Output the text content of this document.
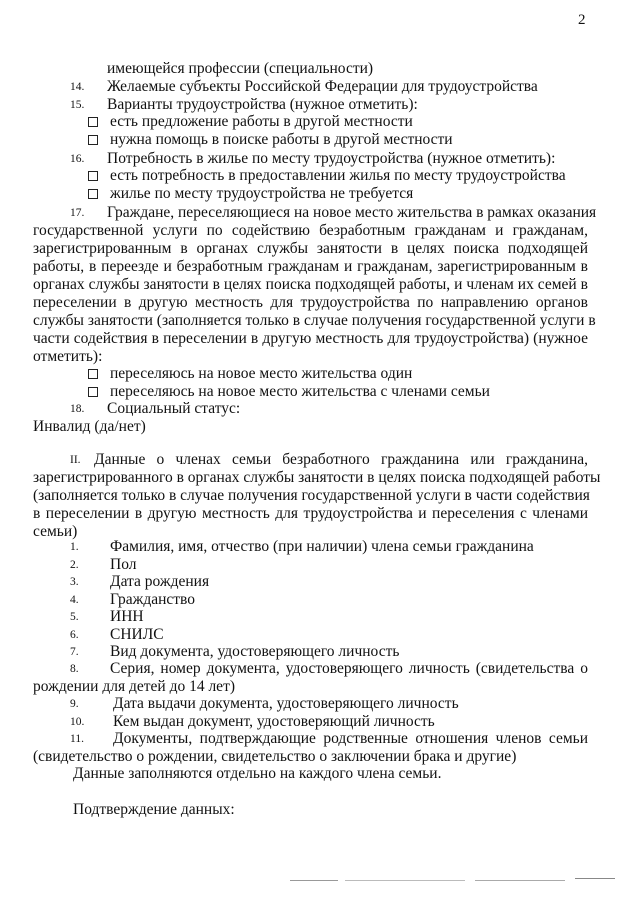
2
имеющейся профессии (специальности)
14. Желаемые субъекты Российской Федерации для трудоустройства
15. Варианты трудоустройства (нужное отметить):
есть предложение работы в другой местности
нужна помощь в поиске работы в другой местности
16. Потребность в жилье по месту трудоустройства (нужное отметить):
есть потребность в предоставлении жилья по месту трудоустройства
жилье по месту трудоустройства не требуется
17. Граждане, переселяющиеся на новое место жительства в рамках оказания
государственной услуги по содействию безработным гражданам и гражданам,
зарегистрированным в органах службы занятости в целях поиска подходящей
работы, в переезде и безработным гражданам и гражданам, зарегистрированным в
органах службы занятости в целях поиска подходящей работы, и членам их семей в
переселении в другую местность для трудоустройства по направлению органов
службы занятости (заполняется только в случае получения государственной услуги в
части содействия в переселении в другую местность для трудоустройства) (нужное
отметить):
переселяюсь на новое место жительства один
переселяюсь на новое место жительства с членами семьи
18. Социальный статус:
Инвалид (да/нет)
II. Данные о членах семьи безработного гражданина или гражданина,
зарегистрированного в органах службы занятости в целях поиска подходящей работы
(заполняется только в случае получения государственной услуги в части содействия
в переселении в другую местность для трудоустройства и переселения с членами
семьи)
1. Фамилия, имя, отчество (при наличии) члена семьи гражданина
2. Пол
3. Дата рождения
4. Гражданство
5. ИНН
6. СНИЛС
7. Вид документа, удостоверяющего личность
8. Серия, номер документа, удостоверяющего личность (свидетельства о
рождении для детей до 14 лет)
9. Дата выдачи документа, удостоверяющего личность
10. Кем выдан документ, удостоверяющий личность
11. Документы, подтверждающие родственные отношения членов семьи
(свидетельство о рождении, свидетельство о заключении брака и другие)
Данные заполняются отдельно на каждого члена семьи.
Подтверждение данных:
